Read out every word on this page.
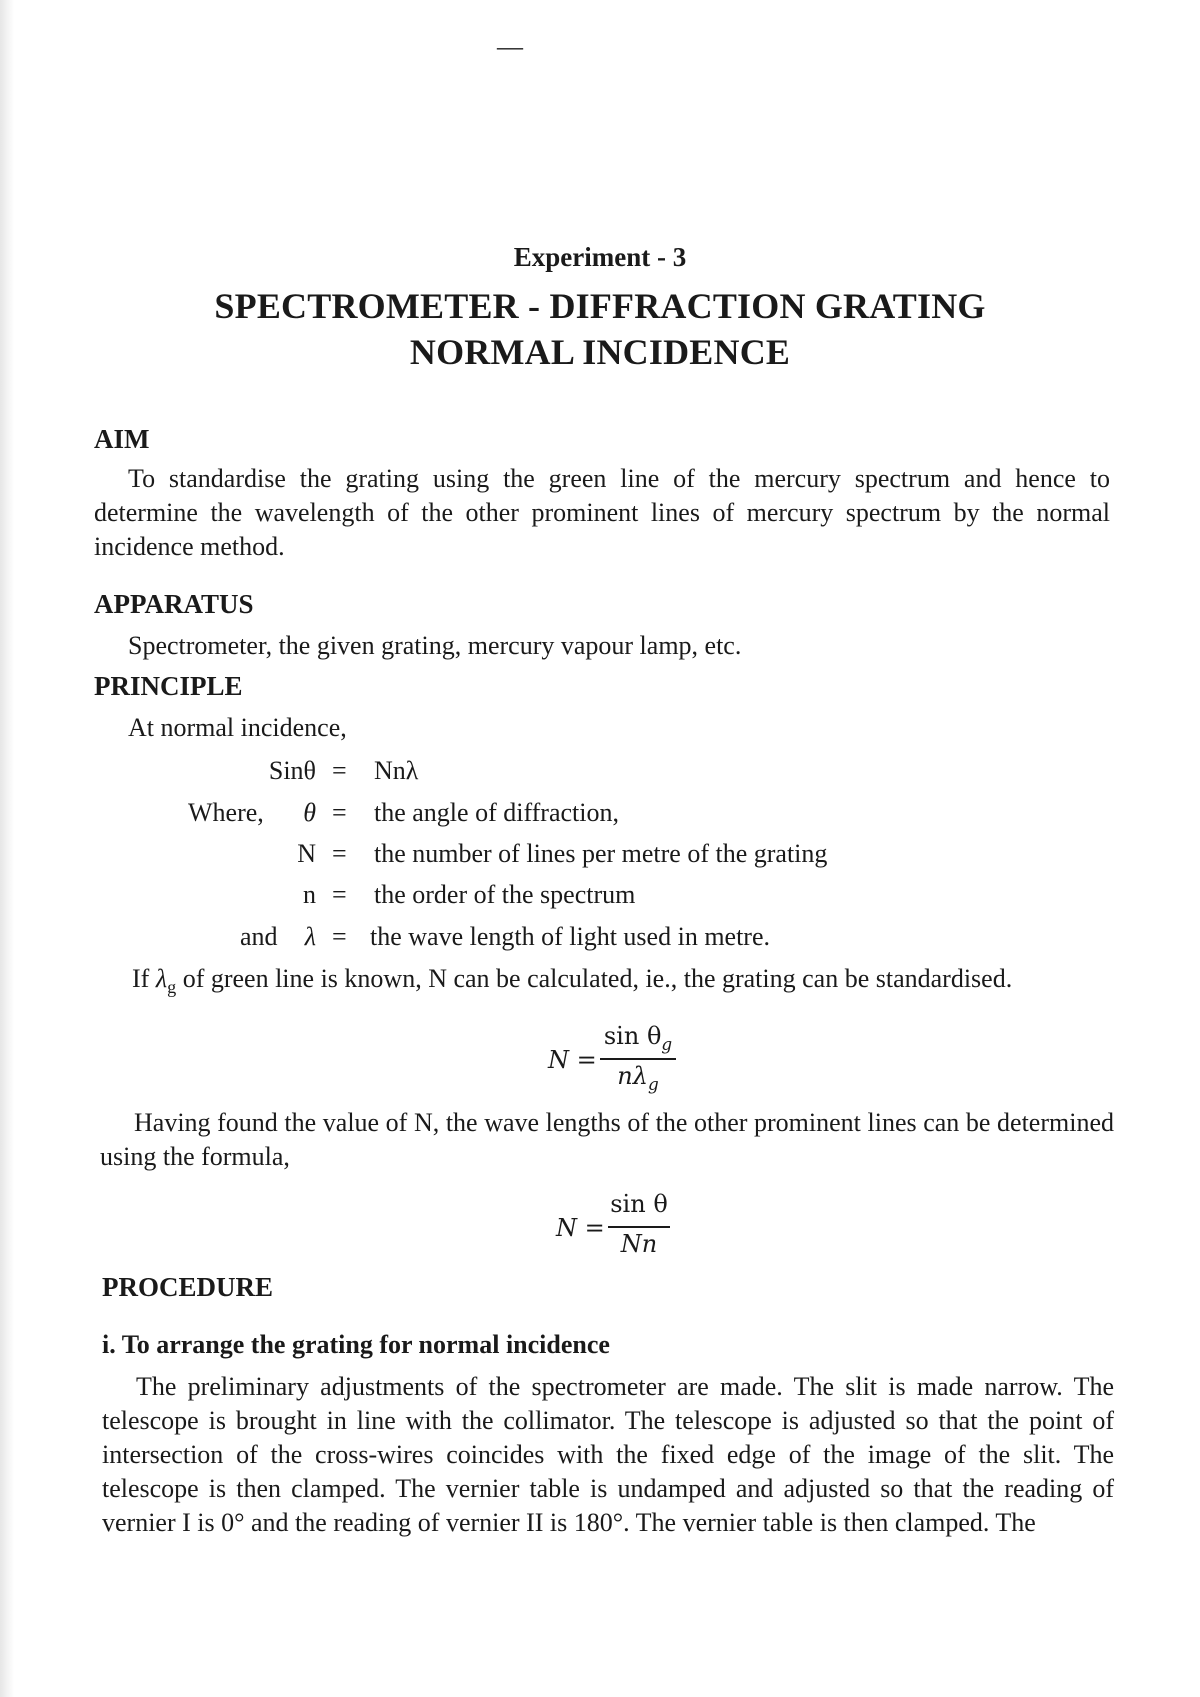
—
Experiment - 3
SPECTROMETER - DIFFRACTION GRATING
NORMAL INCIDENCE
AIM

To standardise the grating using the green line of the mercury spectrum and hence to determine the wavelength of the other prominent lines of mercury spectrum by the normal incidence method.

APPARATUS
Spectrometer, the given grating, mercury vapour lamp, etc.
PRINCIPLE
At normal incidence,
Sinθ = Nnλ
Where,	θ = the angle of diffraction,
N = the number of lines per metre of the grating
n = the order of the spectrum
and	λ = the wave length of light used in metre.
If $\lambda_g$ of green line is known, N can be calculated, ie., the grating can be standardised.
N =
$\sin \theta_g$
$n\lambda_g$

Having found the value of N, the wave lengths of the other prominent lines can be determined using the formula,

N =
sin θ
Nn
PROCEDURE
i. To arrange the grating for normal incidence

The preliminary adjustments of the spectrometer are made. The slit is made narrow. The telescope is brought in line with the collimator. The telescope is adjusted so that the point of intersection of the cross-wires coincides with the fixed edge of the image of the slit. The telescope is then clamped. The vernier table is undamped and adjusted so that the reading of vernier I is 0° and the reading of vernier II is 180°. The vernier table is then clamped. The
